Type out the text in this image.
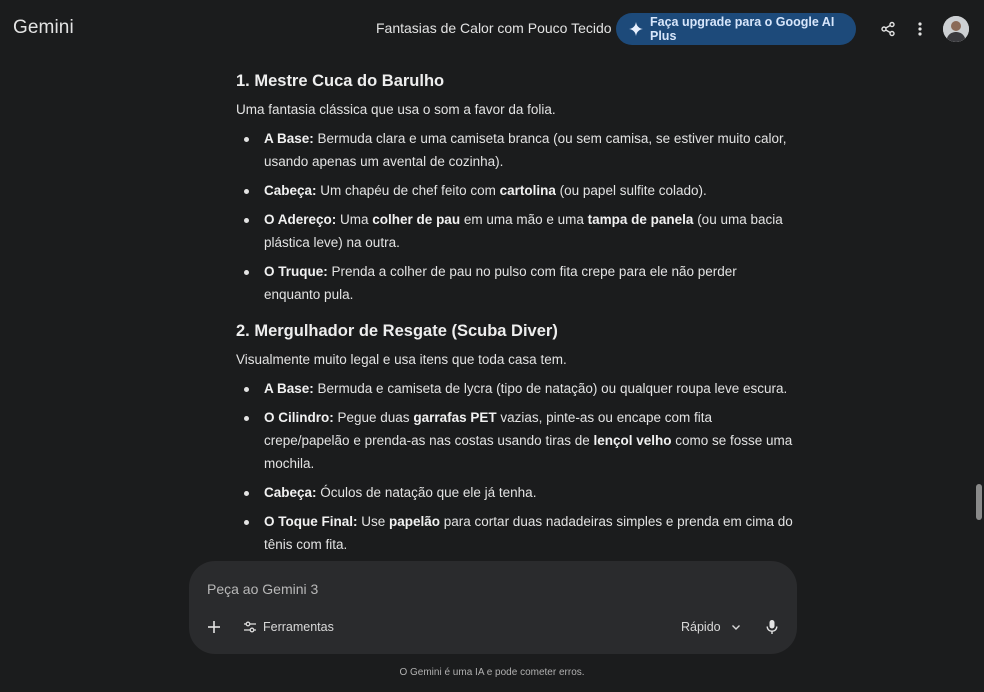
Gemini	Fantasias de Calor com Pouco Tecido	Faça upgrade para o Google AI Plus
1. Mestre Cuca do Barulho

Uma fantasia clássica que usa o som a favor da folia.

A Base: Bermuda clara e uma camiseta branca (ou sem camisa, se estiver muito calor, usando apenas um avental de cozinha).
Cabeça: Um chapéu de chef feito com cartolina (ou papel sulfite colado).
O Adereço: Uma colher de pau em uma mão e uma tampa de panela (ou uma bacia plástica leve) na outra.
O Truque: Prenda a colher de pau no pulso com fita crepe para ele não perder enquanto pula.
2. Mergulhador de Resgate (Scuba Diver)

Visualmente muito legal e usa itens que toda casa tem.

A Base: Bermuda e camiseta de lycra (tipo de natação) ou qualquer roupa leve escura.
O Cilindro: Pegue duas garrafas PET vazias, pinte-as ou encape com fita crepe/papelão e prenda-as nas costas usando tiras de lençol velho como se fosse uma mochila.
Cabeça: Óculos de natação que ele já tenha.
O Toque Final: Use papelão para cortar duas nadadeiras simples e prenda em cima do tênis com fita.
Peça ao Gemini 3
Ferramentas	Rápido
O Gemini é uma IA e pode cometer erros.
